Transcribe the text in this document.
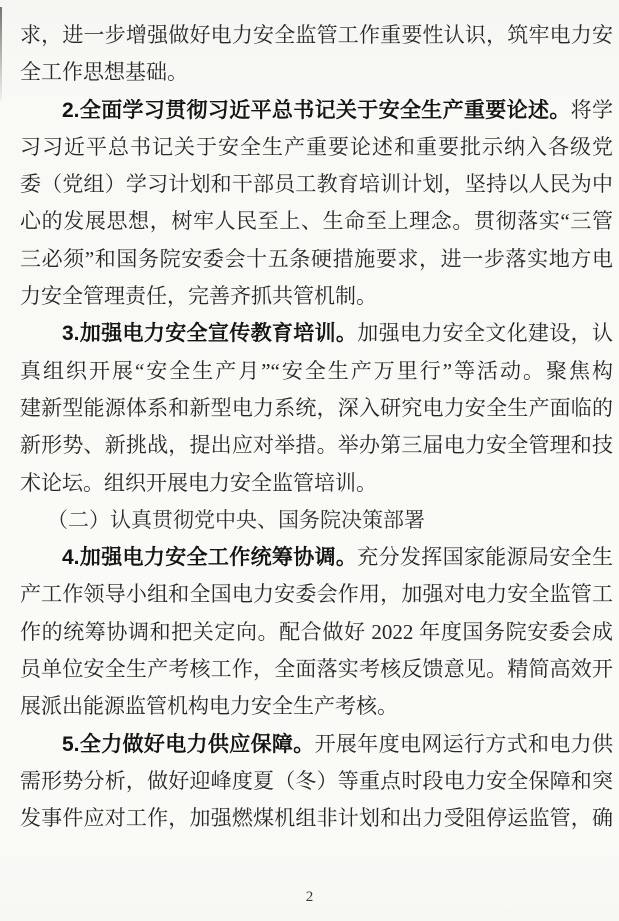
求，进一步增强做好电力安全监管工作重要性认识，筑牢电力安
全工作思想基础。
2.全面学习贯彻习近平总书记关于安全生产重要论述。将学
习习近平总书记关于安全生产重要论述和重要批示纳入各级党
委（党组）学习计划和干部员工教育培训计划，坚持以人民为中
心的发展思想，树牢人民至上、生命至上理念。贯彻落实“三管
三必须”和国务院安委会十五条硬措施要求，进一步落实地方电
力安全管理责任，完善齐抓共管机制。
3.加强电力安全宣传教育培训。加强电力安全文化建设，认
真组织开展“安全生产月”“安全生产万里行”等活动。聚焦构
建新型能源体系和新型电力系统，深入研究电力安全生产面临的
新形势、新挑战，提出应对举措。举办第三届电力安全管理和技
术论坛。组织开展电力安全监管培训。
（二）认真贯彻党中央、国务院决策部署
4.加强电力安全工作统筹协调。充分发挥国家能源局安全生
产工作领导小组和全国电力安委会作用，加强对电力安全监管工
作的统筹协调和把关定向。配合做好 2022 年度国务院安委会成
员单位安全生产考核工作，全面落实考核反馈意见。精简高效开
展派出能源监管机构电力安全生产考核。
5.全力做好电力供应保障。开展年度电网运行方式和电力供
需形势分析，做好迎峰度夏（冬）等重点时段电力安全保障和突
发事件应对工作，加强燃煤机组非计划和出力受阻停运监管，确
2
